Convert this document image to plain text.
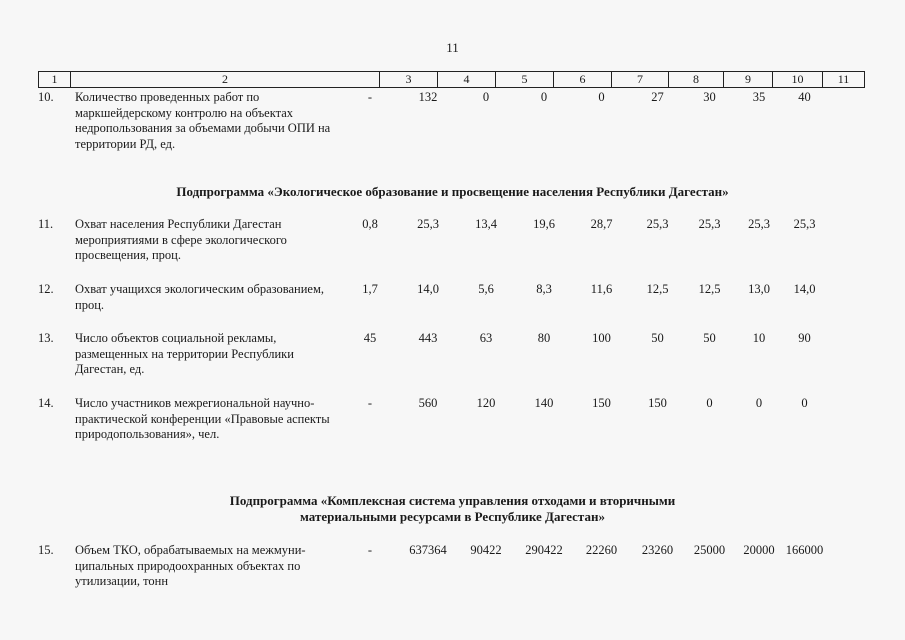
11
1	2	3	4	5	6	7	8	9	10	11
10.	Количество проведенных работ по маркшейдерскому контролю на объектах недропользования за объемами добычи ОПИ на территории РД, ед.
-	132	0	0	0	27	30	35	40
Подпрограмма «Экологическое образование и просвещение населения Республики Дагестан»
11.	Охват населения Республики Дагестан мероприятиями в сфере экологического просвещения, проц.
0,8	25,3	13,4	19,6	28,7	25,3	25,3	25,3	25,3
12.	Охват учащихся экологическим образованием, проц.
1,7	14,0	5,6	8,3	11,6	12,5	12,5	13,0	14,0
13.	Число объектов социальной рекламы, размещенных на территории Республики Дагестан, ед.
45	443	63	80	100	50	50	10	90
14.	Число участников межрегиональной научно-практической конференции «Правовые аспекты природопользования», чел.
-	560	120	140	150	150	0	0	0
Подпрограмма «Комплексная система управления отходами и вторичными
материальными ресурсами в Республике Дагестан»
15.	Объем ТКО, обрабатываемых на межмуни-ципальных природоохранных объектах по утилизации, тонн
-	637364	90422	290422	22260	23260	25000	20000 166000
